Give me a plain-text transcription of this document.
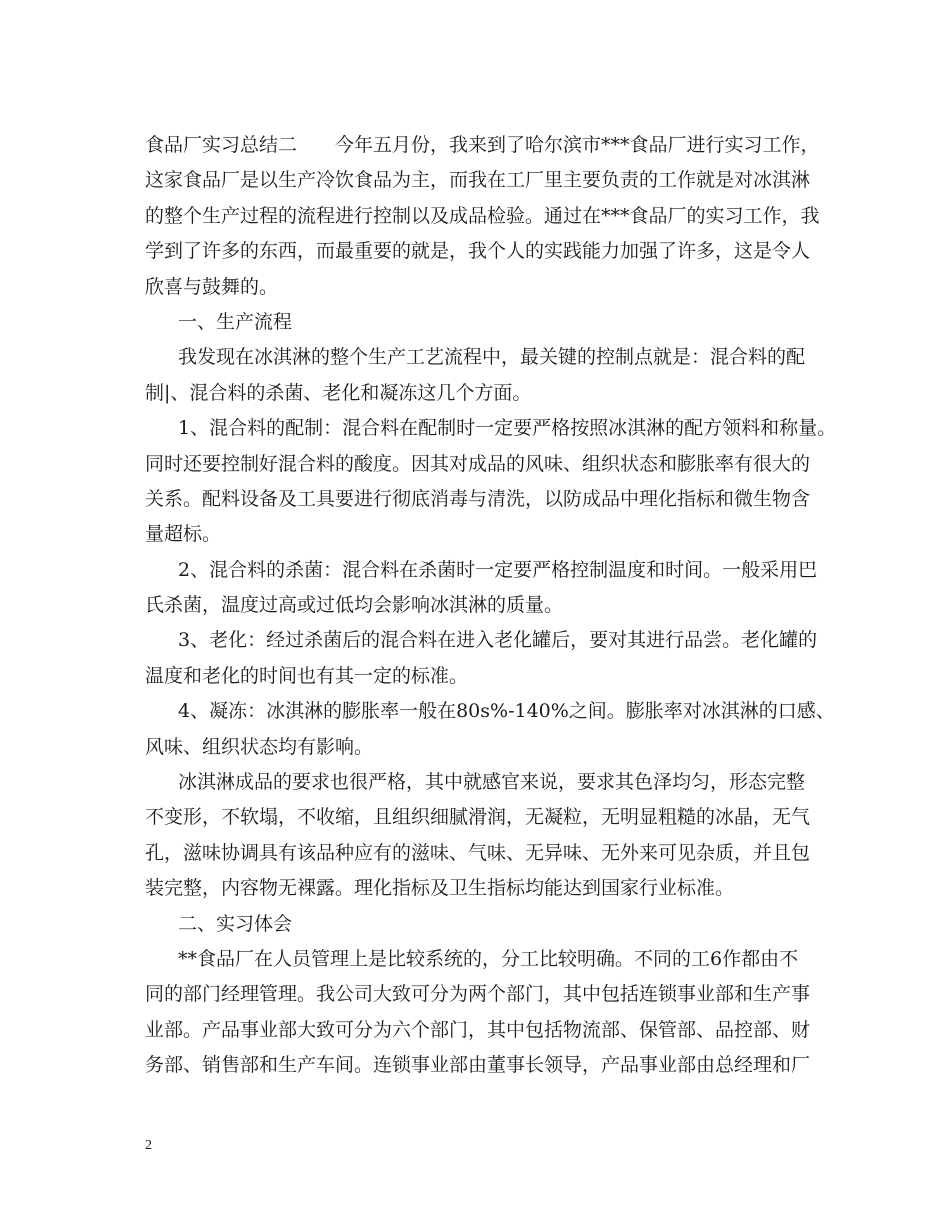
食品厂实习总结二　　今年五月份，我来到了哈尔滨市***食品厂进行实习工作，
这家食品厂是以生产冷饮食品为主，而我在工厂里主要负责的工作就是对冰淇淋
的整个生产过程的流程进行控制以及成品检验。通过在***食品厂的实习工作，我
学到了许多的东西，而最重要的就是，我个人的实践能力加强了许多，这是令人
欣喜与鼓舞的。
一、生产流程
我发现在冰淇淋的整个生产工艺流程中，最关键的控制点就是：混合料的配
制|、混合料的杀菌、老化和凝冻这几个方面。
1、混合料的配制：混合料在配制时一定要严格按照冰淇淋的配方领料和称量。
同时还要控制好混合料的酸度。因其对成品的风味、组织状态和膨胀率有很大的
关系。配料设备及工具要进行彻底消毒与清洗，以防成品中理化指标和微生物含
量超标。
2、混合料的杀菌：混合料在杀菌时一定要严格控制温度和时间。一般采用巴
氏杀菌，温度过高或过低均会影响冰淇淋的质量。
3、老化：经过杀菌后的混合料在进入老化罐后，要对其进行品尝。老化罐的
温度和老化的时间也有其一定的标准。
4、凝冻：冰淇淋的膨胀率一般在80s%-140%之间。膨胀率对冰淇淋的口感、
风味、组织状态均有影响。
冰淇淋成品的要求也很严格，其中就感官来说，要求其色泽均匀，形态完整
不变形，不软塌，不收缩，且组织细腻滑润，无凝粒，无明显粗糙的冰晶，无气
孔，滋味协调具有该品种应有的滋味、气味、无异味、无外来可见杂质，并且包
装完整，内容物无裸露。理化指标及卫生指标均能达到国家行业标准。
二、实习体会
**食品厂在人员管理上是比较系统的，分工比较明确。不同的工6作都由不
同的部门经理管理。我公司大致可分为两个部门，其中包括连锁事业部和生产事
业部。产品事业部大致可分为六个部门，其中包括物流部、保管部、品控部、财
务部、销售部和生产车间。连锁事业部由董事长领导，产品事业部由总经理和厂
2
